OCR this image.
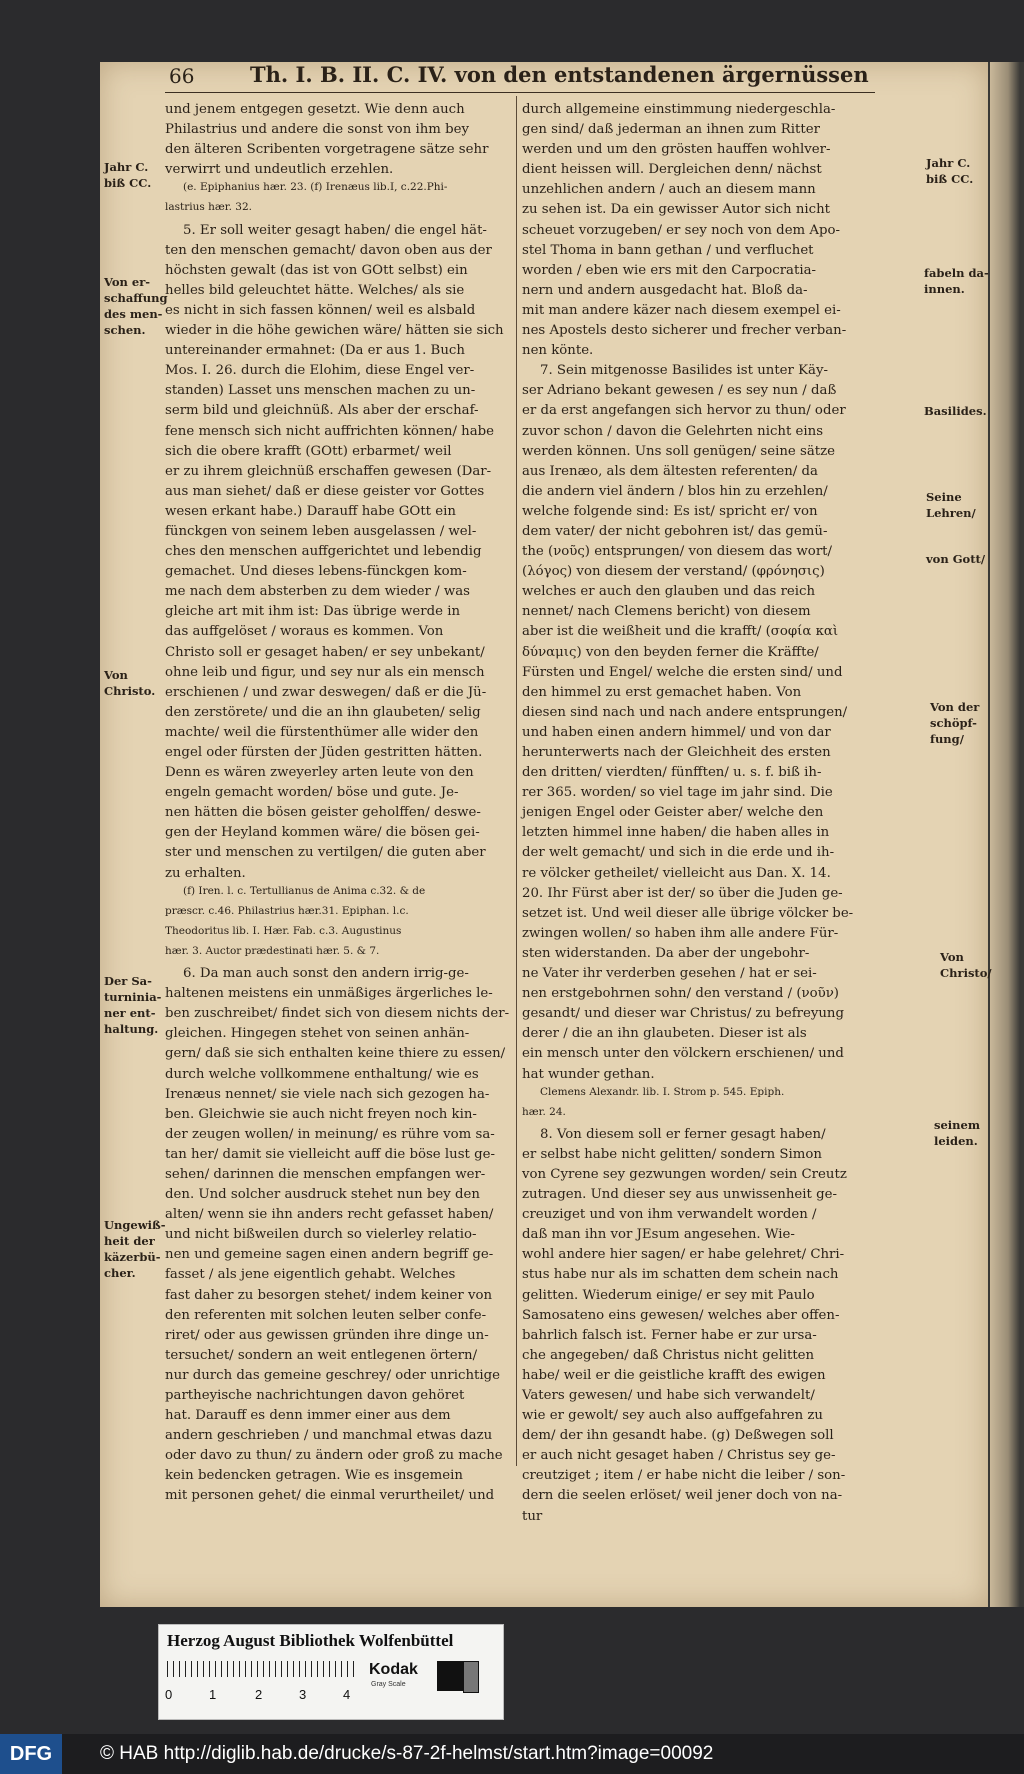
66	Th. I. B. II. C. IV. von den entstandenen ärgernüssen
und jenem entgegen gesetzt. Wie denn auch
Philastrius und andere die sonst von ihm bey
den älteren Scribenten vorgetragene sätze sehr
verwirrt und undeutlich erzehlen.
(e. Epiphanius hær. 23. (f) Irenæus lib.I, c.22.Phi-
lastrius hær. 32.
5. Er soll weiter gesagt haben/ die engel hät-
ten den menschen gemacht/ davon oben aus der
höchsten gewalt (das ist von GOtt selbst) ein
helles bild geleuchtet hätte. Welches/ als sie
es nicht in sich fassen können/ weil es alsbald
wieder in die höhe gewichen wäre/ hätten sie sich
untereinander ermahnet: (Da er aus 1. Buch
Mos. I. 26. durch die Elohim, diese Engel ver-
standen) Lasset uns menschen machen zu un-
serm bild und gleichnüß. Als aber der erschaf-
fene mensch sich nicht auffrichten können/ habe
sich die obere krafft (GOtt) erbarmet/ weil
er zu ihrem gleichnüß erschaffen gewesen (Dar-
aus man siehet/ daß er diese geister vor Gottes
wesen erkant habe.) Darauff habe GOtt ein
fünckgen von seinem leben ausgelassen / wel-
ches den menschen auffgerichtet und lebendig
gemachet. Und dieses lebens-fünckgen kom-
me nach dem absterben zu dem wieder / was
gleiche art mit ihm ist: Das übrige werde in
das auffgelöset / woraus es kommen. Von
Christo soll er gesaget haben/ er sey unbekant/
ohne leib und figur, und sey nur als ein mensch
erschienen / und zwar deswegen/ daß er die Jü-
den zerstörete/ und die an ihn glaubeten/ selig
machte/ weil die fürstenthümer alle wider den
engel oder fürsten der Jüden gestritten hätten.
Denn es wären zweyerley arten leute von den
engeln gemacht worden/ böse und gute. Je-
nen hätten die bösen geister geholffen/ deswe-
gen der Heyland kommen wäre/ die bösen gei-
ster und menschen zu vertilgen/ die guten aber
zu erhalten.
(f) Iren. l. c. Tertullianus de Anima c.32. & de
præscr. c.46. Philastrius hær.31. Epiphan. l.c.
Theodoritus lib. I. Hær. Fab. c.3. Augustinus
hær. 3. Auctor prædestinati hær. 5. & 7.
6. Da man auch sonst den andern irrig-ge-
haltenen meistens ein unmäßiges ärgerliches le-
ben zuschreibet/ findet sich von diesem nichts der-
gleichen. Hingegen stehet von seinen anhän-
gern/ daß sie sich enthalten keine thiere zu essen/
durch welche vollkommene enthaltung/ wie es
Irenæus nennet/ sie viele nach sich gezogen ha-
ben. Gleichwie sie auch nicht freyen noch kin-
der zeugen wollen/ in meinung/ es rühre vom sa-
tan her/ damit sie vielleicht auff die böse lust ge-
sehen/ darinnen die menschen empfangen wer-
den. Und solcher ausdruck stehet nun bey den
alten/ wenn sie ihn anders recht gefasset haben/
und nicht bißweilen durch so vielerley relatio-
nen und gemeine sagen einen andern begriff ge-
fasset / als jene eigentlich gehabt. Welches
fast daher zu besorgen stehet/ indem keiner von
den referenten mit solchen leuten selber confe-
riret/ oder aus gewissen gründen ihre dinge un-
tersuchet/ sondern an weit entlegenen örtern/
nur durch das gemeine geschrey/ oder unrichtige
partheyische nachrichtungen davon gehöret
hat. Darauff es denn immer einer aus dem
andern geschrieben / und manchmal etwas dazu
oder davo zu thun/ zu ändern oder groß zu mache
kein bedencken getragen. Wie es insgemein
mit personen gehet/ die einmal verurtheilet/ und
durch allgemeine einstimmung niedergeschla-
gen sind/ daß jederman an ihnen zum Ritter
werden und um den grösten hauffen wohlver-
dient heissen will. Dergleichen denn/ nächst
unzehlichen andern / auch an diesem mann
zu sehen ist. Da ein gewisser Autor sich nicht
scheuet vorzugeben/ er sey noch von dem Apo-
stel Thoma in bann gethan / und verfluchet
worden / eben wie ers mit den Carpocratia-
nern und andern ausgedacht hat. Bloß da-
mit man andere käzer nach diesem exempel ei-
nes Apostels desto sicherer und frecher verban-
nen könte.
7. Sein mitgenosse Basilides ist unter Käy-
ser Adriano bekant gewesen / es sey nun / daß
er da erst angefangen sich hervor zu thun/ oder
zuvor schon / davon die Gelehrten nicht eins
werden können. Uns soll genügen/ seine sätze
aus Irenæo, als dem ältesten referenten/ da
die andern viel ändern / blos hin zu erzehlen/
welche folgende sind: Es ist/ spricht er/ von
dem vater/ der nicht gebohren ist/ das gemü-
the (νοῦς) entsprungen/ von diesem das wort/
(λόγος) von diesem der verstand/ (φρόνησις)
welches er auch den glauben und das reich
nennet/ nach Clemens bericht) von diesem
aber ist die weißheit und die krafft/ (σοφία καὶ
δύναμις) von den beyden ferner die Kräffte/
Fürsten und Engel/ welche die ersten sind/ und
den himmel zu erst gemachet haben. Von
diesen sind nach und nach andere entsprungen/
und haben einen andern himmel/ und von dar
herunterwerts nach der Gleichheit des ersten
den dritten/ vierdten/ fünfften/ u. s. f. biß ih-
rer 365. worden/ so viel tage im jahr sind. Die
jenigen Engel oder Geister aber/ welche den
letzten himmel inne haben/ die haben alles in
der welt gemacht/ und sich in die erde und ih-
re völcker getheilet/ vielleicht aus Dan. X. 14.
20. Ihr Fürst aber ist der/ so über die Juden ge-
setzet ist. Und weil dieser alle übrige völcker be-
zwingen wollen/ so haben ihm alle andere Für-
sten widerstanden. Da aber der ungebohr-
ne Vater ihr verderben gesehen / hat er sei-
nen erstgebohrnen sohn/ den verstand / (νοῦν)
gesandt/ und dieser war Christus/ zu befreyung
derer / die an ihn glaubeten. Dieser ist als
ein mensch unter den völckern erschienen/ und
hat wunder gethan.
Clemens Alexandr. lib. I. Strom p. 545. Epiph.
hær. 24.
8. Von diesem soll er ferner gesagt haben/
er selbst habe nicht gelitten/ sondern Simon
von Cyrene sey gezwungen worden/ sein Creutz
zutragen. Und dieser sey aus unwissenheit ge-
creuziget und von ihm verwandelt worden /
daß man ihn vor JEsum angesehen. Wie-
wohl andere hier sagen/ er habe gelehret/ Chri-
stus habe nur als im schatten dem schein nach
gelitten. Wiederum einige/ er sey mit Paulo
Samosateno eins gewesen/ welches aber offen-
bahrlich falsch ist. Ferner habe er zur ursa-
che angegeben/ daß Christus nicht gelitten
habe/ weil er die geistliche krafft des ewigen
Vaters gewesen/ und habe sich verwandelt/
wie er gewolt/ sey auch also auffgefahren zu
dem/ der ihn gesandt habe. (g) Deßwegen soll
er auch nicht gesaget haben / Christus sey ge-
creutziget ; item / er habe nicht die leiber / son-
dern die seelen erlöset/ weil jener doch von na-
tur
Jahr C.
biß CC.
Von er-
schaffung
des men-
schen.
Von
Christo.
Der Sa-
turninia-
ner ent-
haltung.
Ungewiß-
heit der
käzerbü-
cher.
Jahr C.
biß CC.
fabeln da-
innen.
Basilides.
Seine
Lehren/
von Gott/
Von der
schöpf-
fung/
Von
Christo/
seinem
leiden.
Herzog August Bibliothek Wolfenbüttel
0	1	2	3	4
Kodak
Gray Scale
DFG	© HAB http://diglib.hab.de/drucke/s-87-2f-helmst/start.htm?image=00092
